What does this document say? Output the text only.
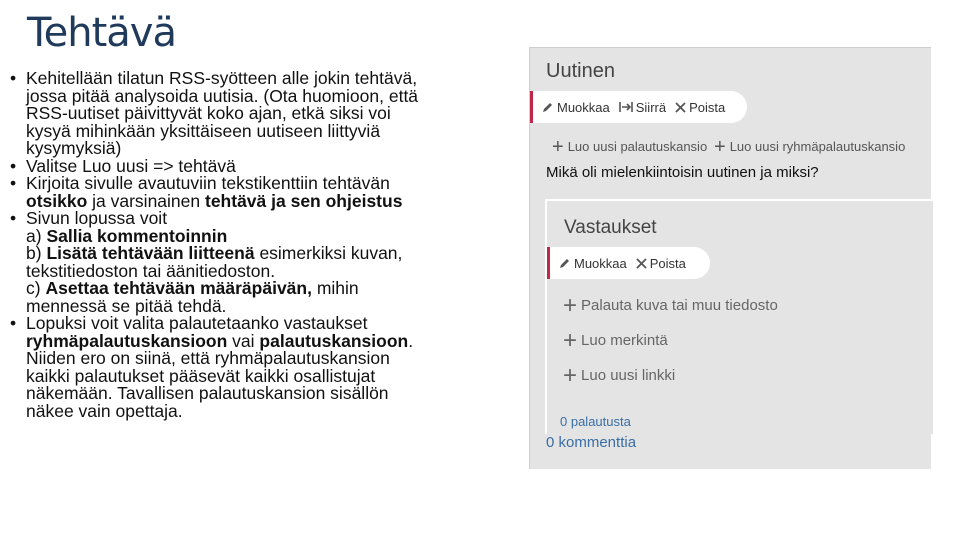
Tehtävä
• Kehitellään tilatun RSS-syötteen alle jokin tehtävä,
jossa pitää analysoida uutisia. (Ota huomioon, että
RSS-uutiset päivittyvät koko ajan, etkä siksi voi
kysyä mihinkään yksittäiseen uutiseen liittyviä
kysymyksiä)
• Valitse Luo uusi => tehtävä
• Kirjoita sivulle avautuviin tekstikenttiin tehtävän
otsikko ja varsinainen tehtävä ja sen ohjeistus
• Sivun lopussa voit
a) Sallia kommentoinnin
b) Lisätä tehtävään liitteenä esimerkiksi kuvan,
tekstitiedoston tai äänitiedoston.
c) Asettaa tehtävään määräpäivän, mihin
mennessä se pitää tehdä.
• Lopuksi voit valita palautetaanko vastaukset
ryhmäpalautuskansioon vai palautuskansioon.
Niiden ero on siinä, että ryhmäpalautuskansion
kaikki palautukset pääsevät kaikki osallistujat
näkemään. Tavallisen palautuskansion sisällön
näkee vain opettaja.
Uutinen
Muokkaa Siirrä Poista
+ Luo uusi palautuskansio + Luo uusi ryhmäpalautuskansio
Mikä oli mielenkiintoisin uutinen ja miksi?
Vastaukset
Muokkaa Poista
+ Palauta kuva tai muu tiedosto
+ Luo merkintä
+ Luo uusi linkki
0 palautusta
0 kommenttia
